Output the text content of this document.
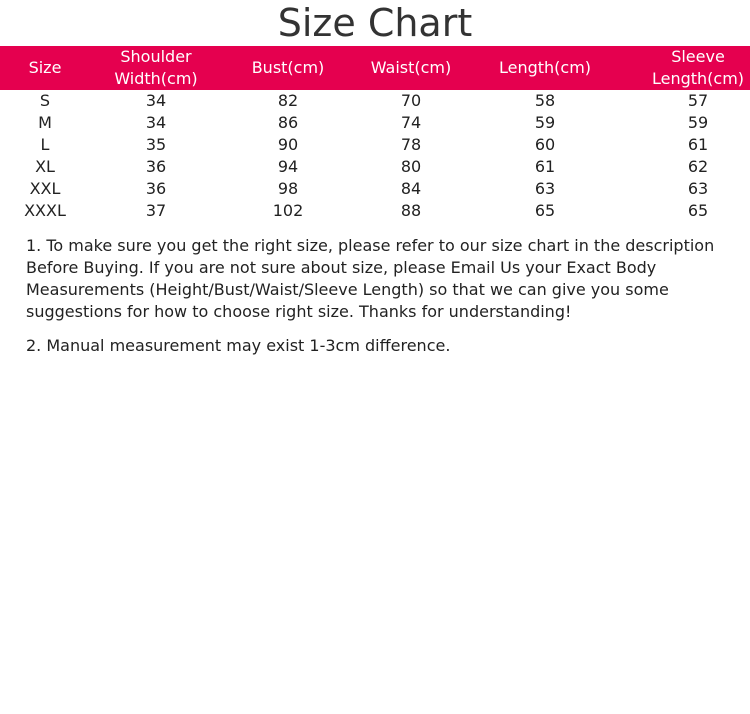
Size Chart
Size	Shoulder Width(cm)	Bust(cm)	Waist(cm)	Length(cm)	Sleeve Length(cm)
S	34	82	70	58	57
M	34	86	74	59	59
L	35	90	78	60	61
XL	36	94	80	61	62
XXL	36	98	84	63	63
XXXL	37	102	88	65	65

1. To make sure you get the right size, please refer to our size chart in the description Before Buying. If you are not sure about size, please Email Us your Exact Body Measurements (Height/Bust/Waist/Sleeve Length) so that we can give you some suggestions for how to choose right size. Thanks for understanding!

2. Manual measurement may exist 1-3cm difference.
